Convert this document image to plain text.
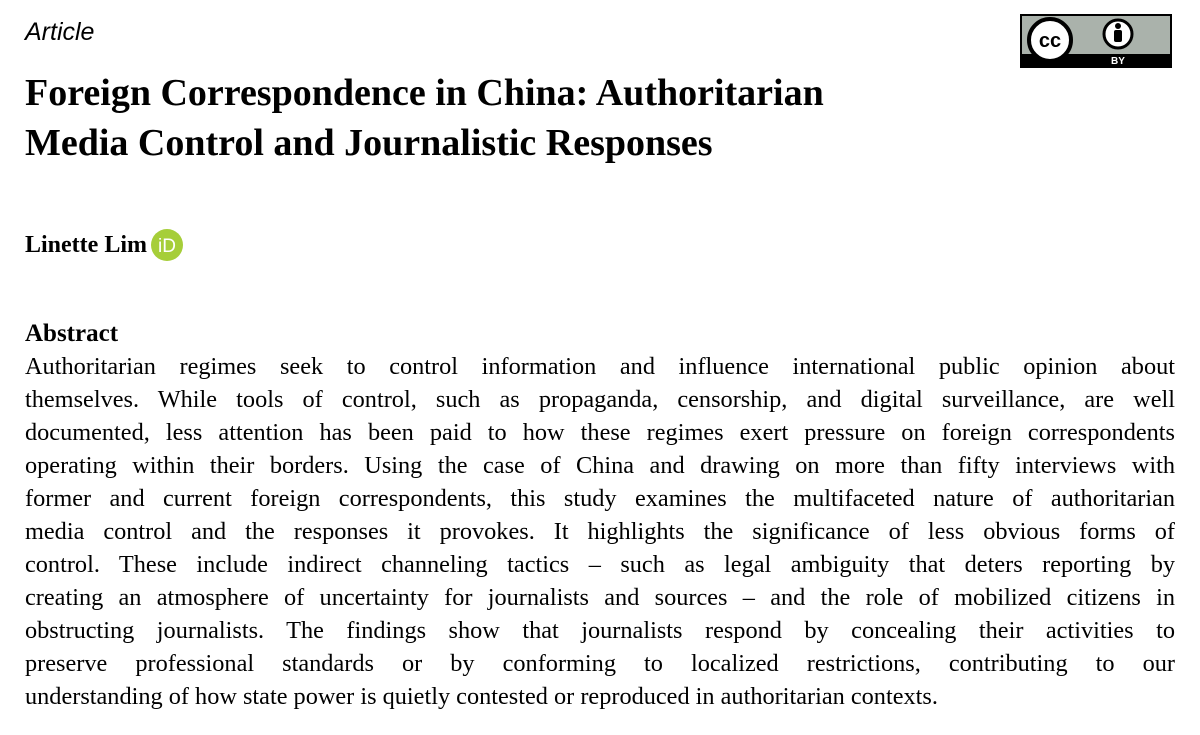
Article	cc
BY
Foreign Correspondence in China: Authoritarian
Media Control and Journalistic Responses
Linette Lim iD
Abstract
Authoritarian regimes seek to control information and influence international public opinion about
themselves. While tools of control, such as propaganda, censorship, and digital surveillance, are well
documented, less attention has been paid to how these regimes exert pressure on foreign correspondents
operating within their borders. Using the case of China and drawing on more than fifty interviews with
former and current foreign correspondents, this study examines the multifaceted nature of authoritarian
media control and the responses it provokes. It highlights the significance of less obvious forms of
control. These include indirect channeling tactics – such as legal ambiguity that deters reporting by
creating an atmosphere of uncertainty for journalists and sources – and the role of mobilized citizens in
obstructing journalists. The findings show that journalists respond by concealing their activities to
preserve professional standards or by conforming to localized restrictions, contributing to our
understanding of how state power is quietly contested or reproduced in authoritarian contexts.
